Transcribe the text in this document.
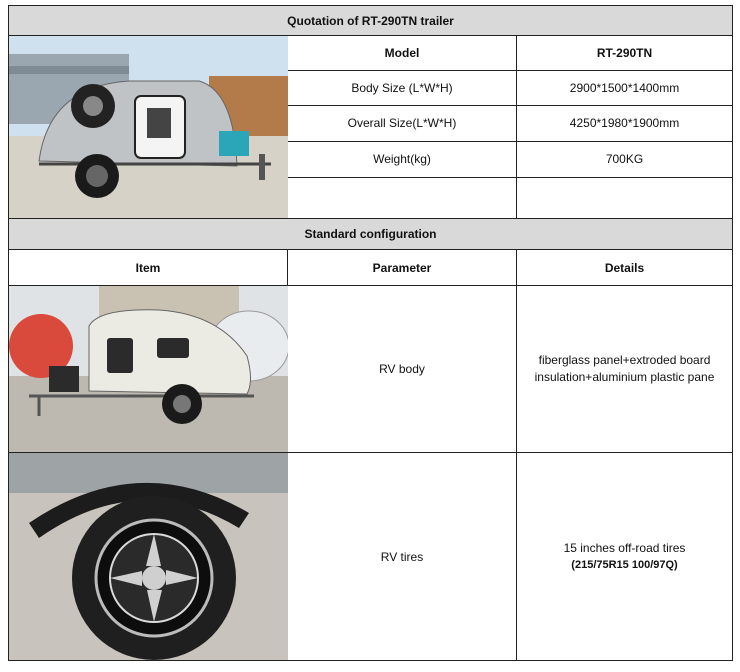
Quotation of RT-290TN trailer		

	Model	RT-290TN
	Body Size (L*W*H)	2900*1500*1400mm
	Overall Size(L*W*H)	4250*1980*1900mm
	Weight(kg)	700KG

Standard configuration		
Item	Parameter	Details

	RV body	fiberglass panel+extroded board
insulation+aluminium plastic pane

	RV tires	15 inches off-road tires
(215/75R15 100/97Q)
